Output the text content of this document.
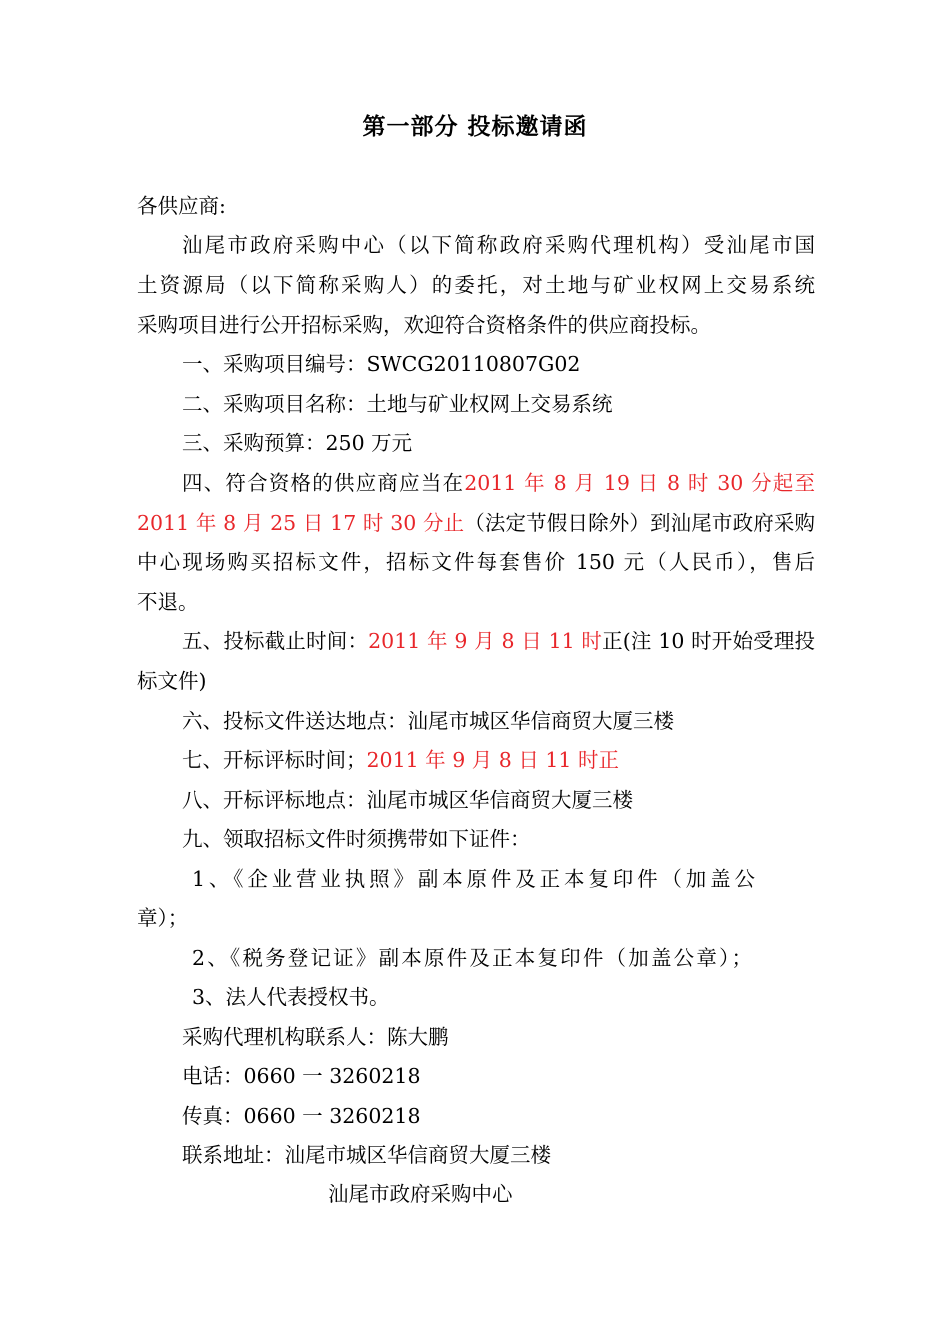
第一部分 投标邀请函
各供应商:
汕尾市政府采购中心（以下简称政府采购代理机构）受汕尾市国
土资源局（以下简称采购人）的委托，对土地与矿业权网上交易系统
采购项目进行公开招标采购，欢迎符合资格条件的供应商投标。
一、采购项目编号：SWCG20110807G02
二、采购项目名称：土地与矿业权网上交易系统
三、采购预算：250 万元
四、符合资格的供应商应当在2011 年 8 月 19 日 8 时 30 分起至
2011 年 8 月 25 日 17 时 30 分止（法定节假日除外）到汕尾市政府采购
中心现场购买招标文件，招标文件每套售价 150 元（人民币），售后
不退。
五、投标截止时间：2011 年 9 月 8 日 11 时正(注 10 时开始受理投
标文件)
六、投标文件送达地点：汕尾市城区华信商贸大厦三楼
七、开标评标时间；2011 年 9 月 8 日 11 时正
八、开标评标地点：汕尾市城区华信商贸大厦三楼
九、领取招标文件时须携带如下证件：
1、《企业营业执照》副本原件及正本复印件（加盖公
章）；
2、《税务登记证》副本原件及正本复印件（加盖公章）；
3、法人代表授权书。
采购代理机构联系人：陈大鹏
电话：0660 一 3260218
传真：0660 一 3260218
联系地址：汕尾市城区华信商贸大厦三楼
汕尾市政府采购中心
